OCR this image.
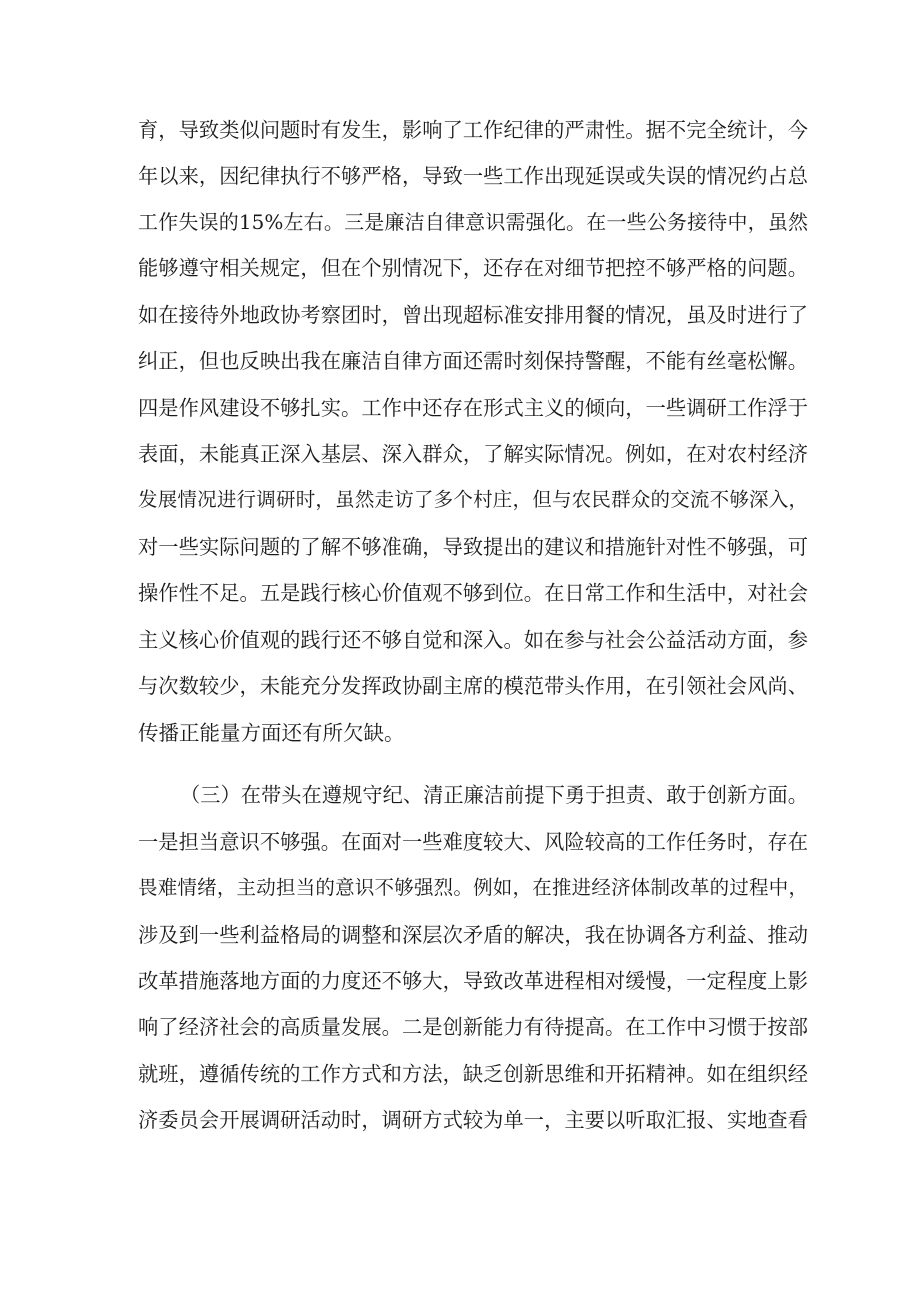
育，导致类似问题时有发生，影响了工作纪律的严肃性。据不完全统计，今
年以来，因纪律执行不够严格，导致一些工作出现延误或失误的情况约占总
工作失误的15%左右。三是廉洁自律意识需强化。在一些公务接待中，虽然
能够遵守相关规定，但在个别情况下，还存在对细节把控不够严格的问题。
如在接待外地政协考察团时，曾出现超标准安排用餐的情况，虽及时进行了
纠正，但也反映出我在廉洁自律方面还需时刻保持警醒，不能有丝毫松懈。
四是作风建设不够扎实。工作中还存在形式主义的倾向，一些调研工作浮于
表面，未能真正深入基层、深入群众，了解实际情况。例如，在对农村经济
发展情况进行调研时，虽然走访了多个村庄，但与农民群众的交流不够深入，
对一些实际问题的了解不够准确，导致提出的建议和措施针对性不够强，可
操作性不足。五是践行核心价值观不够到位。在日常工作和生活中，对社会
主义核心价值观的践行还不够自觉和深入。如在参与社会公益活动方面，参
与次数较少，未能充分发挥政协副主席的模范带头作用，在引领社会风尚、
传播正能量方面还有所欠缺。
（三）在带头在遵规守纪、清正廉洁前提下勇于担责、敢于创新方面。
一是担当意识不够强。在面对一些难度较大、风险较高的工作任务时，存在
畏难情绪，主动担当的意识不够强烈。例如，在推进经济体制改革的过程中，
涉及到一些利益格局的调整和深层次矛盾的解决，我在协调各方利益、推动
改革措施落地方面的力度还不够大，导致改革进程相对缓慢，一定程度上影
响了经济社会的高质量发展。二是创新能力有待提高。在工作中习惯于按部
就班，遵循传统的工作方式和方法，缺乏创新思维和开拓精神。如在组织经
济委员会开展调研活动时，调研方式较为单一，主要以听取汇报、实地查看
